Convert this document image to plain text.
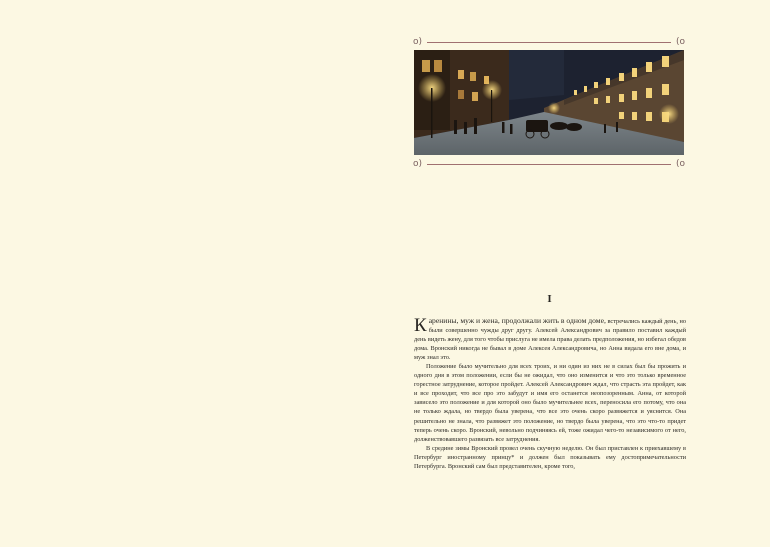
o)	(o
o)	(o
I

Каренины, муж и жена, продолжали жить в одном доме, встречались каждый день, но были совершенно чужды друг другу. Алексей Александрович за правило поставил каждый день видеть жену, для того чтобы прислуга не имела права делать предположения, но избегал обедов дома. Вронский никогда не бывал в доме Алексея Александровича, но Анна видала его вне дома, и муж знал это.

Положение было мучительно для всех троих, и ни один из них не в силах был бы прожить и одного дня в этом положении, если бы не ожидал, что оно изменится и что это только временное горестное затруднение, которое пройдет. Алексей Александрович ждал, что страсть эта пройдет, как и все проходит, что все про это забудут и имя его останется неопозоренным. Анна, от которой зависело это положение и для которой оно было мучительнее всех, переносила его потому, что она не только ждала, но твердо была уверена, что все это очень скоро развяжется и уяснится. Она решительно не знала, что развяжет это положение, но твердо была уверена, что это что-то придет теперь очень скоро. Вронский, невольно подчиняясь ей, тоже ожидал чего-то независимого от него, долженствовавшего развязать все затруднения.

В средине зимы Вронский провел очень скучную неделю. Он был приставлен к приехавшему в Петербург иностранному принцу* и должен был показывать ему достопримечательности Петербурга. Вронский сам был представителен, кроме того,
